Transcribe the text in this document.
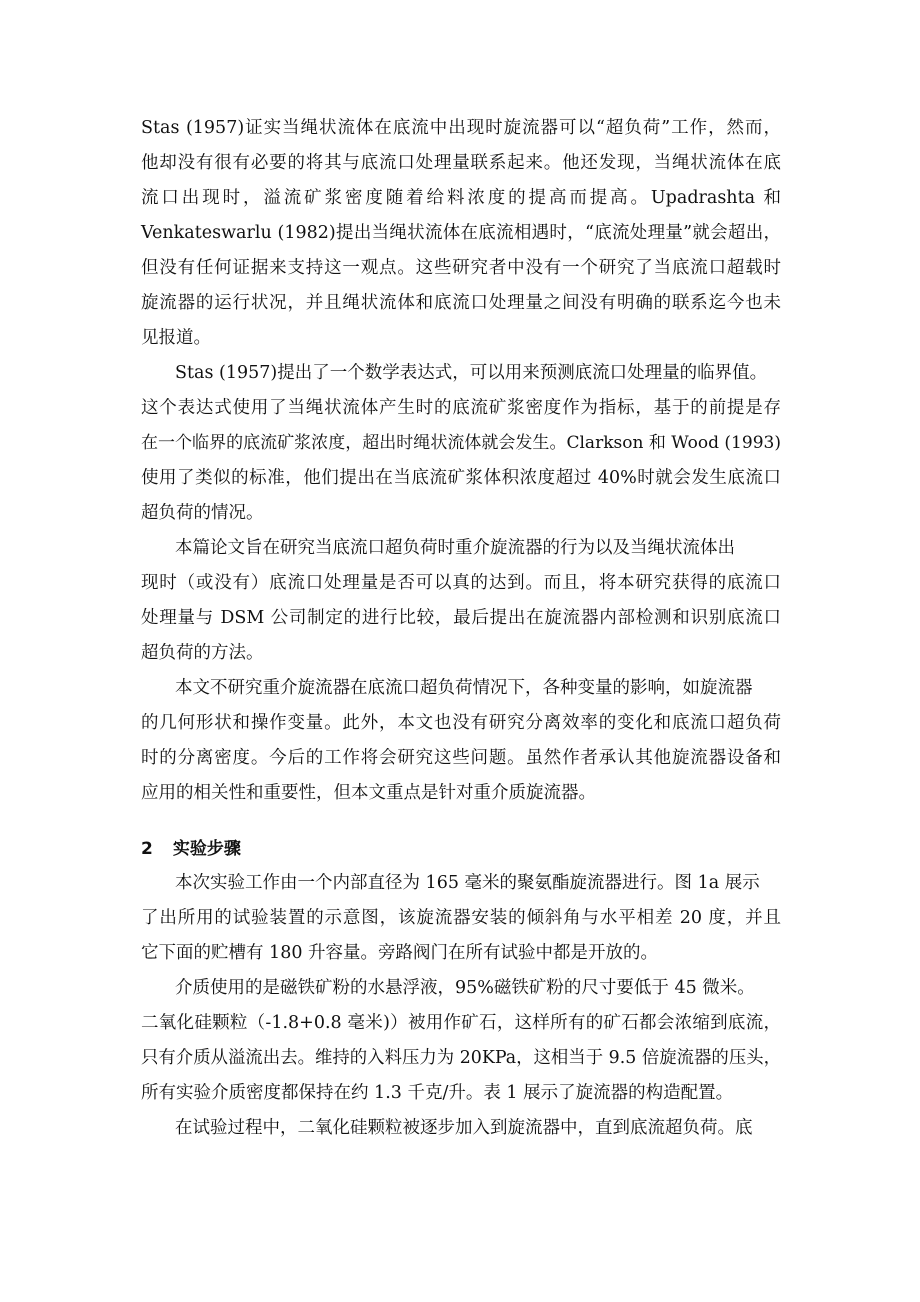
Stas (1957)证实当绳状流体在底流中出现时旋流器可以“超负荷”工作，然而，
他却没有很有必要的将其与底流口处理量联系起来。他还发现，当绳状流体在底
流口出现时，溢流矿浆密度随着给料浓度的提高而提高。Upadrashta 和
Venkateswarlu (1982)提出当绳状流体在底流相遇时，“底流处理量”就会超出，
但没有任何证据来支持这一观点。这些研究者中没有一个研究了当底流口超载时
旋流器的运行状况，并且绳状流体和底流口处理量之间没有明确的联系迄今也未
见报道。
Stas (1957)提出了一个数学表达式，可以用来预测底流口处理量的临界值。
这个表达式使用了当绳状流体产生时的底流矿浆密度作为指标，基于的前提是存
在一个临界的底流矿浆浓度，超出时绳状流体就会发生。Clarkson 和 Wood (1993)
使用了类似的标准，他们提出在当底流矿浆体积浓度超过 40%时就会发生底流口
超负荷的情况。
本篇论文旨在研究当底流口超负荷时重介旋流器的行为以及当绳状流体出
现时（或没有）底流口处理量是否可以真的达到。而且，将本研究获得的底流口
处理量与 DSM 公司制定的进行比较，最后提出在旋流器内部检测和识别底流口
超负荷的方法。
本文不研究重介旋流器在底流口超负荷情况下，各种变量的影响，如旋流器
的几何形状和操作变量。此外，本文也没有研究分离效率的变化和底流口超负荷
时的分离密度。今后的工作将会研究这些问题。虽然作者承认其他旋流器设备和
应用的相关性和重要性，但本文重点是针对重介质旋流器。
2 实验步骤
本次实验工作由一个内部直径为 165 毫米的聚氨酯旋流器进行。图 1a 展示
了出所用的试验装置的示意图，该旋流器安装的倾斜角与水平相差 20 度，并且
它下面的贮槽有 180 升容量。旁路阀门在所有试验中都是开放的。
介质使用的是磁铁矿粉的水悬浮液，95%磁铁矿粉的尺寸要低于 45 微米。
二氧化硅颗粒（-1.8+0.8 毫米)）被用作矿石，这样所有的矿石都会浓缩到底流，
只有介质从溢流出去。维持的入料压力为 20KPa，这相当于 9.5 倍旋流器的压头，
所有实验介质密度都保持在约 1.3 千克/升。表 1 展示了旋流器的构造配置。
在试验过程中，二氧化硅颗粒被逐步加入到旋流器中，直到底流超负荷。底
